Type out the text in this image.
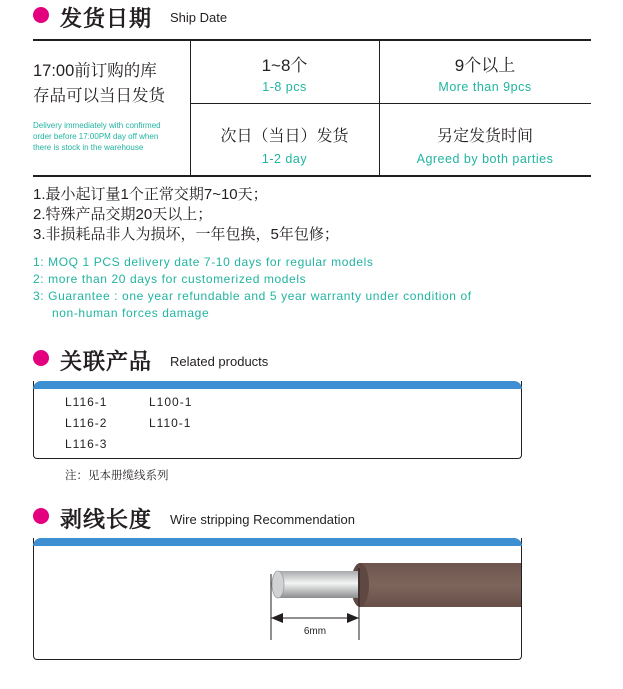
发货日期 Ship Date
17:00前订购的库
存品可以当日发货
Delivery immediately with confirmed
order before 17:00PM day off when
there is stock in the warehouse
1~8个
1-8 pcs
9个以上
More than 9pcs
次日（当日）发货
1-2 day
另定发货时间
Agreed by both parties
1.最小起订量1个正常交期7~10天；
2.特殊产品交期20天以上；
3.非损耗品非人为损坏，一年包换，5年包修；
1: MOQ 1 PCS delivery date 7-10 days for regular models
2: more than 20 days for customerized models
3: Guarantee : one year refundable and 5 year warranty under condition of
non-human forces damage
关联产品 Related products
L116-1	L100-1
L116-2	L110-1
L116-3
注：见本册缆线系列
剥线长度 Wire stripping Recommendation
6mm
